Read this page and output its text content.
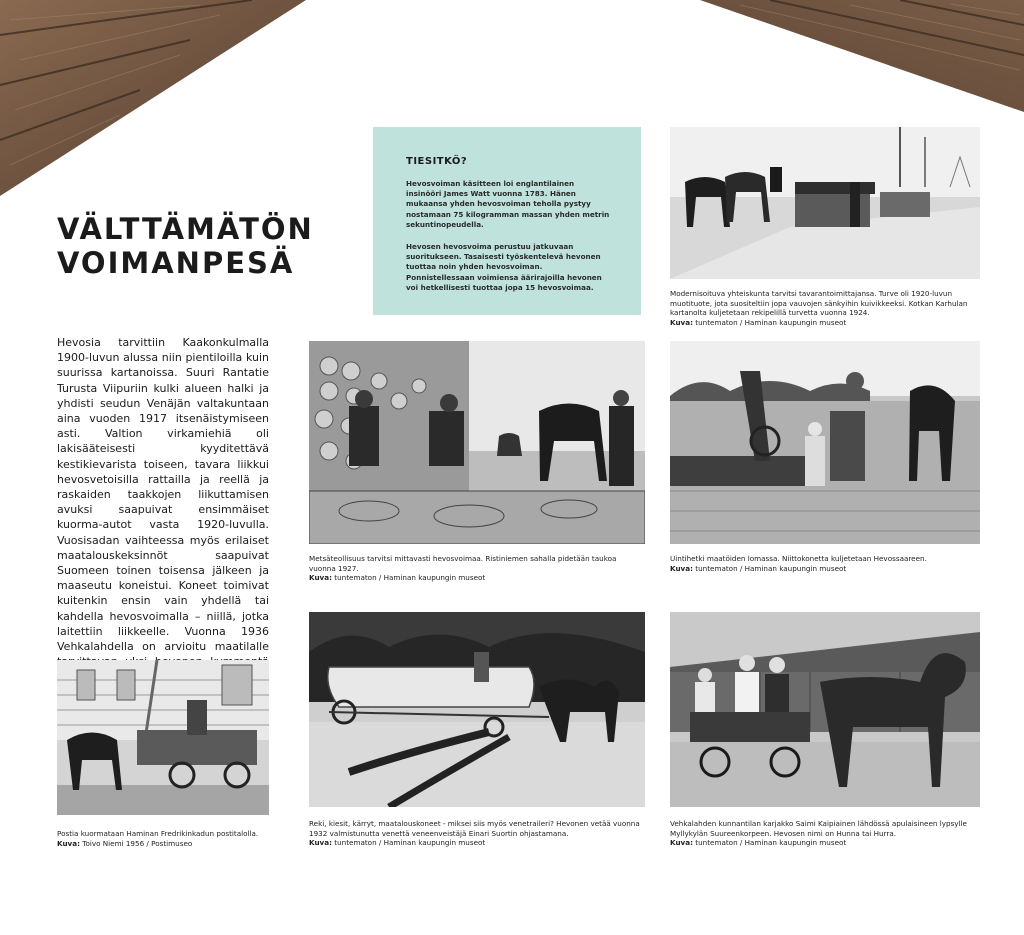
VÄLTTÄMÄTÖN
VOIMANPESÄ
Hevosia tarvittiin Kaakonkulmalla 1900-luvun alussa niin pientiloilla kuin suurissa kartanoissa. Suuri Rantatie Turusta Viipuriin kulki alueen halki ja yhdisti seudun Venäjän valtakuntaan aina vuoden 1917 itsenäistymiseen asti. Valtion virkamiehiä oli lakisääteisesti kyyditettävä kestikievarista toiseen, tavara liikkui hevosvetoisilla rattailla ja reellä ja raskaiden taakkojen liikuttamisen avuksi saapuivat ensimmäiset kuorma-autot vasta 1920-luvulla. Vuosisadan vaihteessa myös erilaiset maatalouskeksinnöt saapuivat Suomeen toinen toisensa jälkeen ja maaseutu koneistui. Koneet toimivat kuitenkin ensin vain yhdellä tai kahdella hevosvoimalla – niillä, jotka laitettiin liikkeelle. Vuonna 1936 Vehkalahdella on arvioitu maatilalle
TIESITKÖ?
Hevosvoiman käsitteen loi englantilainen insinööri James Watt vuonna 1783. Hänen mukaansa yhden hevosvoiman teholla pystyy nostamaan 75 kilogramman massan yhden metrin sekuntinopeudella.
Hevosen hevosvoima perustuu jatkuvaan suoritukseen. Tasaisesti työskentelevä hevonen tuottaa noin yhden hevosvoiman. Ponnistellessaan voimiensa äärirajoilla hevonen voi hetkellisesti tuottaa jopa 15 hevosvoimaa.
Modernisoituva yhteiskunta tarvitsi tavarantoimittajansa. Turve oli 1920-luvun muotituote, jota suositeltiin jopa vauvojen sänkyihin kuivikkeeksi. Kotkan Karhulan kartanolta kuljetetaan rekipelillä turvetta vuonna 1924.
Kuva: tuntematon / Haminan kaupungin museot
Metsäteollisuus tarvitsi mittavasti hevosvoimaa. Ristiniemen sahalla pidetään taukoa vuonna 1927.
Kuva: tuntematon / Haminan kaupungin museot
Uintihetki maatöiden lomassa. Niittokonetta kuljetetaan Hevossaareen.
Kuva: tuntematon / Haminan kaupungin museot
Postia kuormataan Haminan Fredrikinkadun postitalolla.
Kuva: Toivo Niemi 1956 / Postimuseo
Reki, kiesit, kärryt, maatalouskoneet - miksei siis myös venetraileri? Hevonen vetää vuonna 1932 valmistunutta venettä veneenveistäjä Einari Suortin ohjastamana.
Kuva: tuntematon / Haminan kaupungin museot
Vehkalahden kunnantilan karjakko Saimi Kaipiainen lähdössä apulaisineen lypsylle Myllykylän Suureenkorpeen. Hevosen nimi on Hunna tai Hurra.
Kuva: tuntematon / Haminan kaupungin museot
